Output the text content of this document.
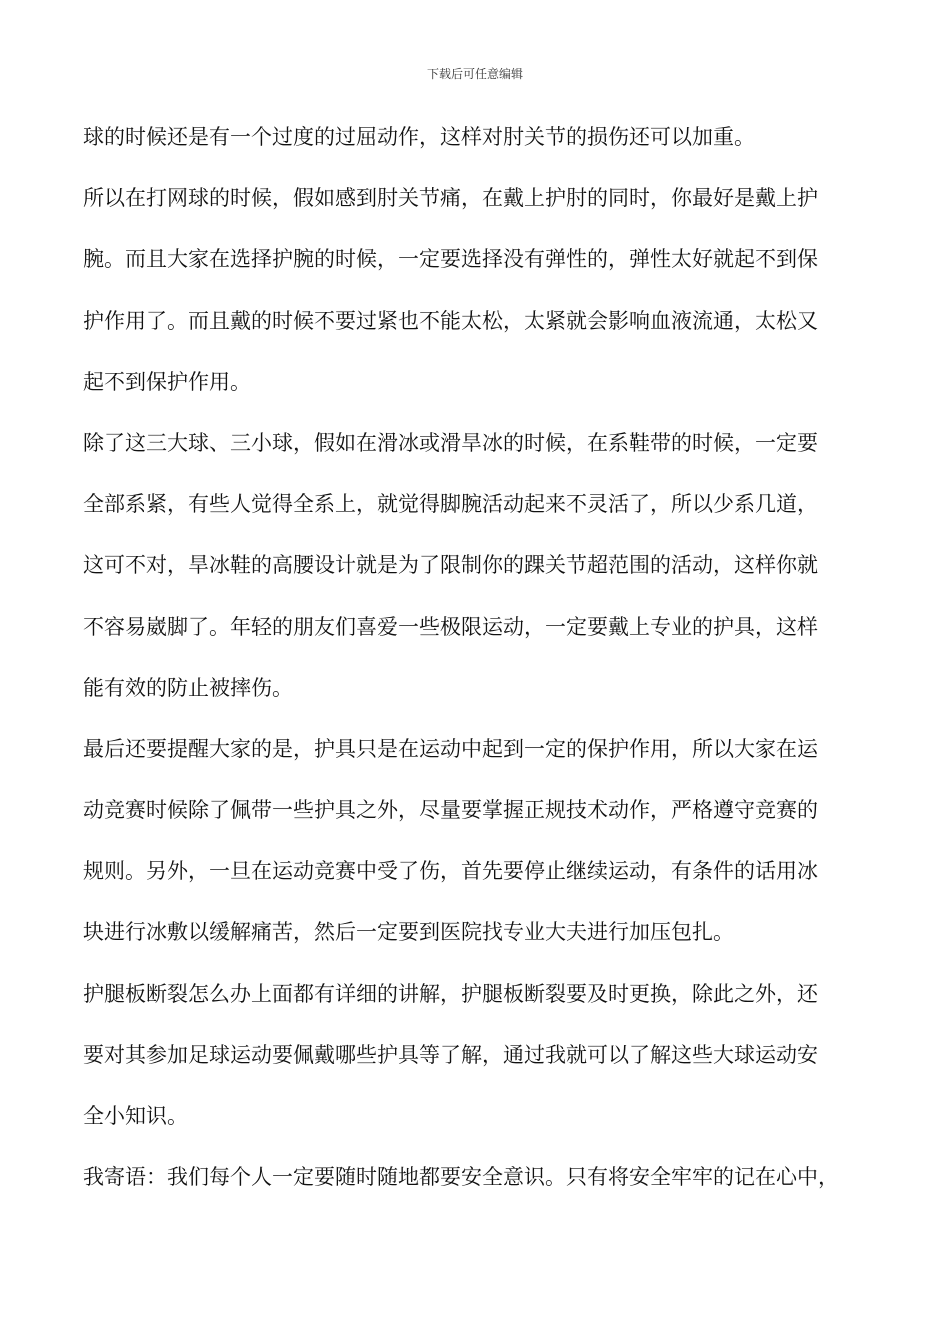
下载后可任意编辑
球的时候还是有一个过度的过屈动作，这样对肘关节的损伤还可以加重。
所以在打网球的时候，假如感到肘关节痛，在戴上护肘的同时，你最好是戴上护
腕。而且大家在选择护腕的时候，一定要选择没有弹性的，弹性太好就起不到保
护作用了。而且戴的时候不要过紧也不能太松，太紧就会影响血液流通，太松又
起不到保护作用。
除了这三大球、三小球，假如在滑冰或滑旱冰的时候，在系鞋带的时候，一定要
全部系紧，有些人觉得全系上，就觉得脚腕活动起来不灵活了，所以少系几道，
这可不对，旱冰鞋的高腰设计就是为了限制你的踝关节超范围的活动，这样你就
不容易崴脚了。年轻的朋友们喜爱一些极限运动，一定要戴上专业的护具，这样
能有效的防止被摔伤。
最后还要提醒大家的是，护具只是在运动中起到一定的保护作用，所以大家在运
动竞赛时候除了佩带一些护具之外，尽量要掌握正规技术动作，严格遵守竞赛的
规则。另外，一旦在运动竞赛中受了伤，首先要停止继续运动，有条件的话用冰
块进行冰敷以缓解痛苦，然后一定要到医院找专业大夫进行加压包扎。
护腿板断裂怎么办上面都有详细的讲解，护腿板断裂要及时更换，除此之外，还
要对其参加足球运动要佩戴哪些护具等了解，通过我就可以了解这些大球运动安
全小知识。
我寄语：我们每个人一定要随时随地都要安全意识。只有将安全牢牢的记在心中，
